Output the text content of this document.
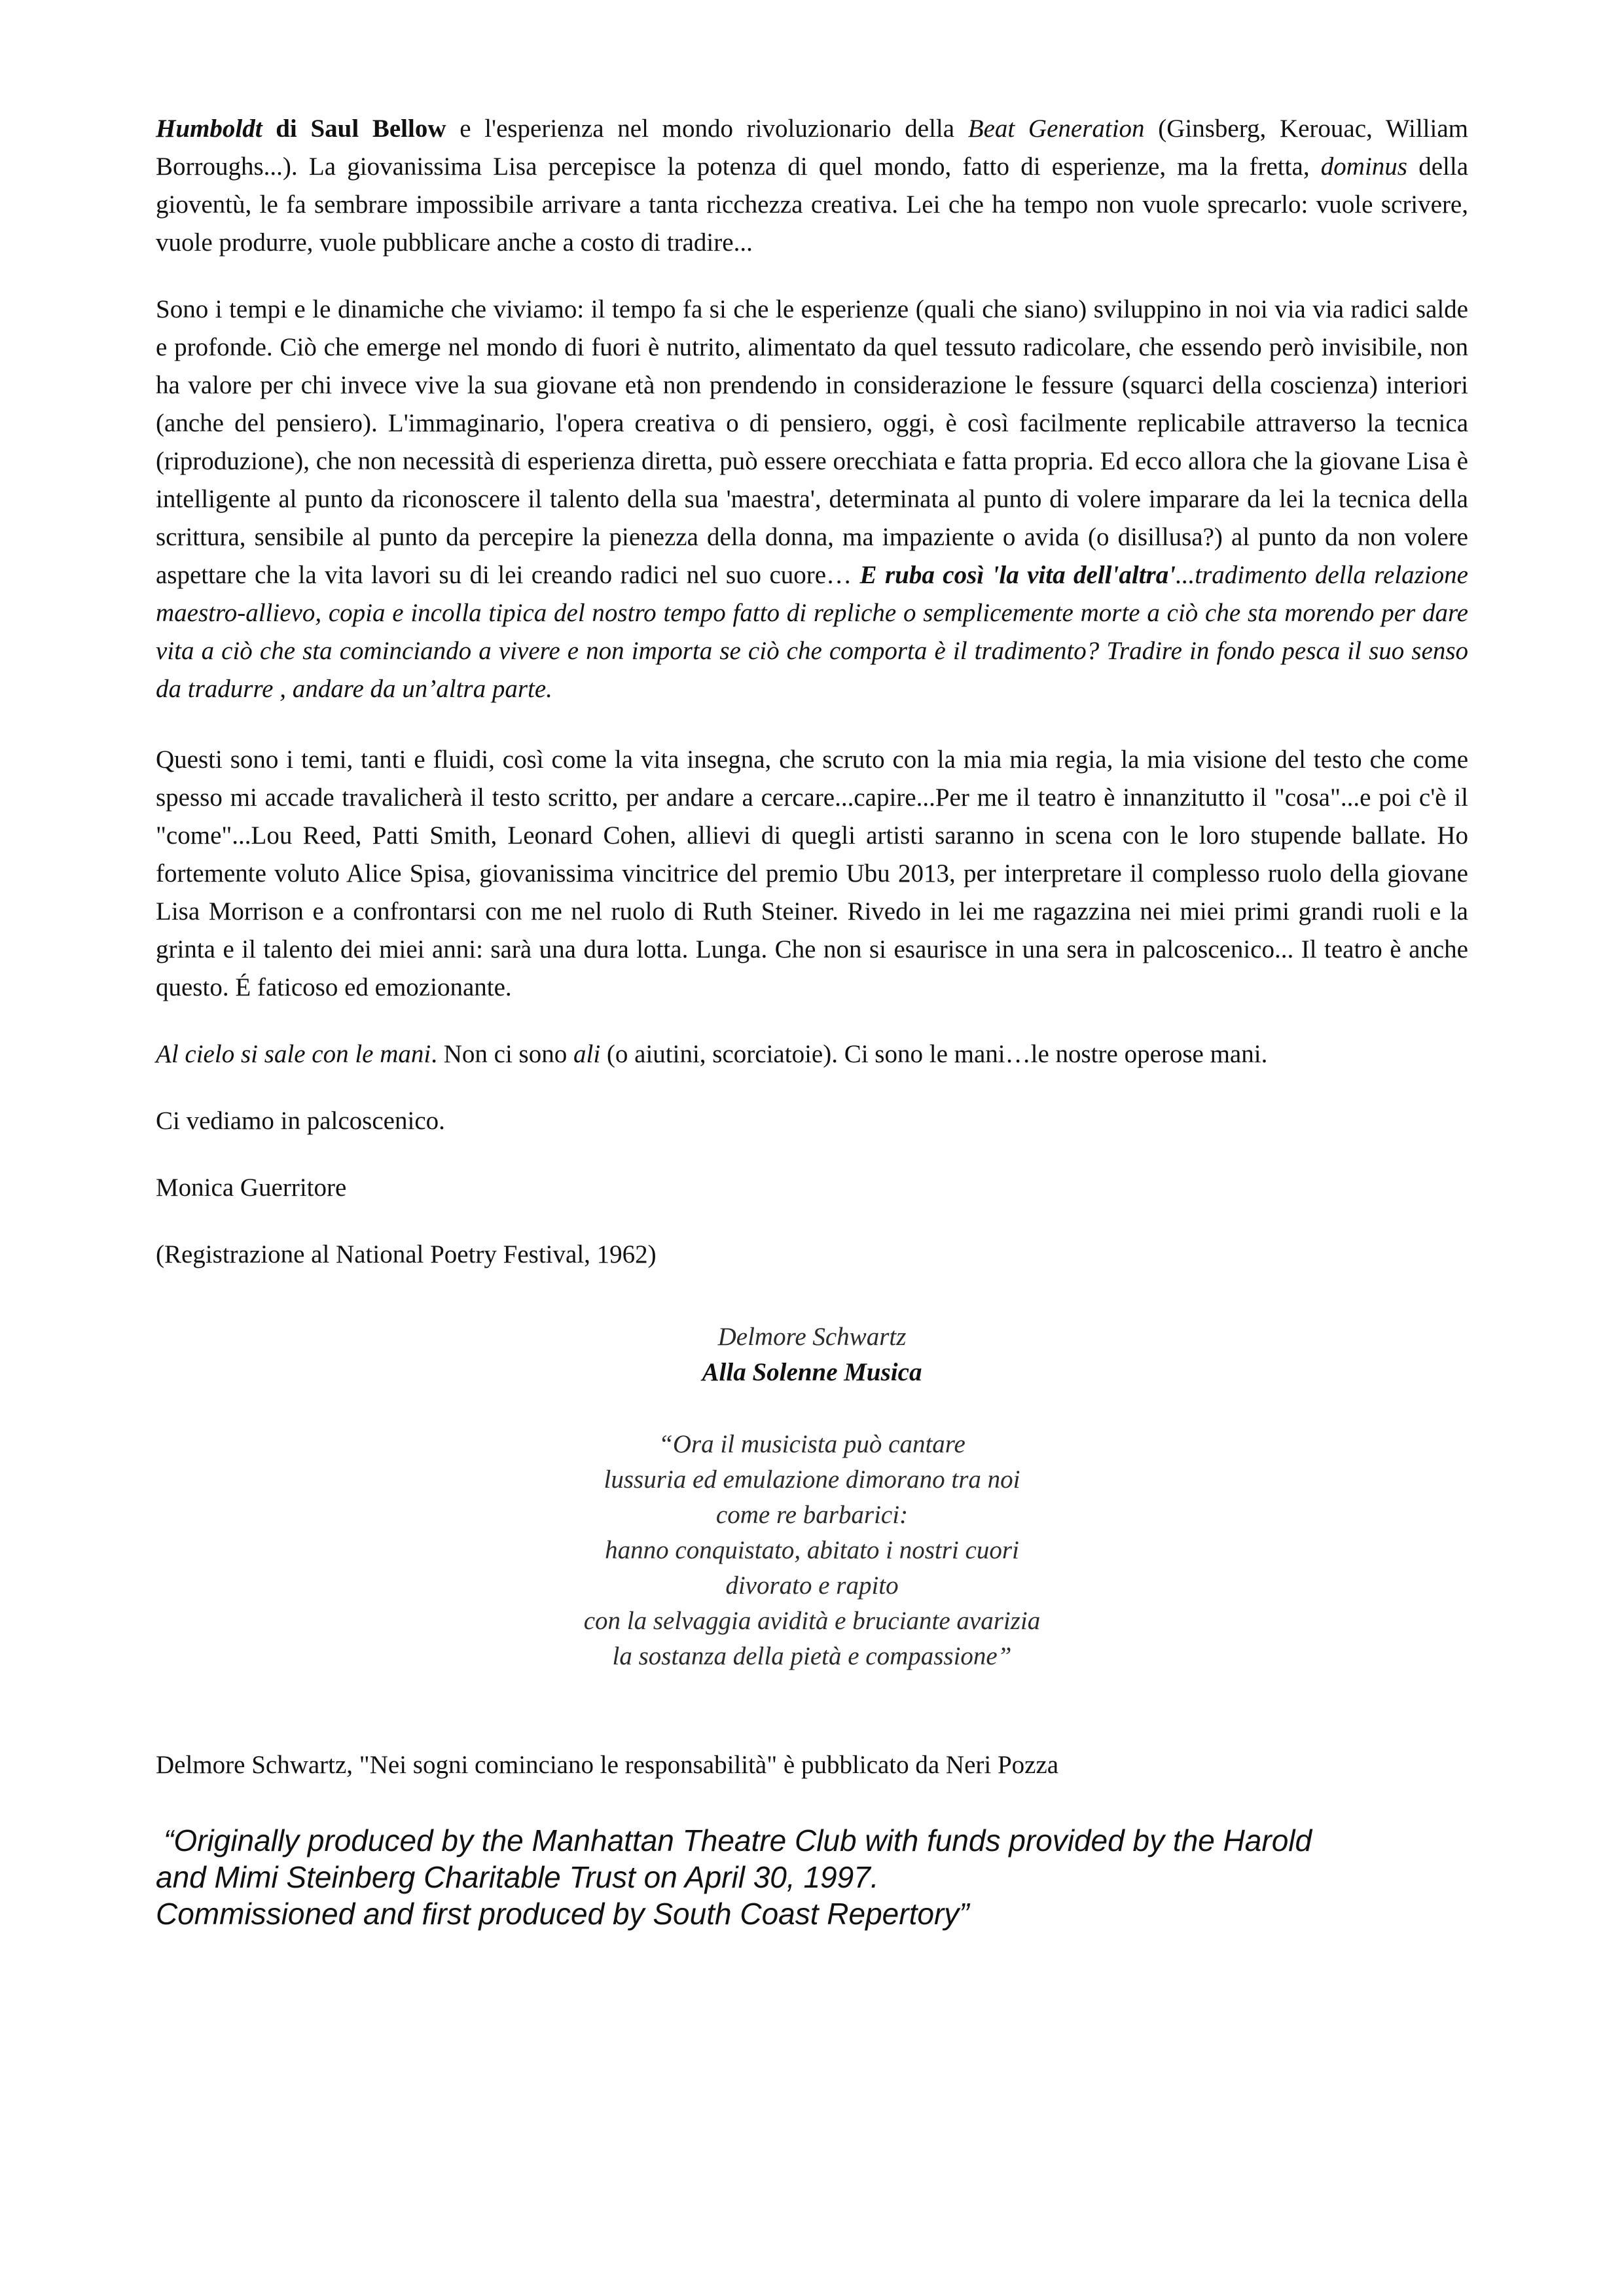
Humboldt di Saul Bellow e l'esperienza nel mondo rivoluzionario della Beat Generation (Ginsberg, Kerouac, William Borroughs...). La giovanissima Lisa percepisce la potenza di quel mondo, fatto di esperienze, ma la fretta, dominus della gioventù, le fa sembrare impossibile arrivare a tanta ricchezza creativa. Lei che ha tempo non vuole sprecarlo: vuole scrivere, vuole produrre, vuole pubblicare anche a costo di tradire...

Sono i tempi e le dinamiche che viviamo: il tempo fa si che le esperienze (quali che siano) sviluppino in noi via via radici salde e profonde. Ciò che emerge nel mondo di fuori è nutrito, alimentato da quel tessuto radicolare, che essendo però invisibile, non ha valore per chi invece vive la sua giovane età non prendendo in considerazione le fessure (squarci della coscienza) interiori (anche del pensiero). L'immaginario, l'opera creativa o di pensiero, oggi, è così facilmente replicabile attraverso la tecnica (riproduzione), che non necessità di esperienza diretta, può essere orecchiata e fatta propria. Ed ecco allora che la giovane Lisa è intelligente al punto da riconoscere il talento della sua 'maestra', determinata al punto di volere imparare da lei la tecnica della scrittura, sensibile al punto da percepire la pienezza della donna, ma impaziente o avida (o disillusa?) al punto da non volere aspettare che la vita lavori su di lei creando radici nel suo cuore… E ruba così 'la vita dell'altra'...tradimento della relazione maestro-allievo, copia e incolla tipica del nostro tempo fatto di repliche o semplicemente morte a ciò che sta morendo per dare vita a ciò che sta cominciando a vivere e non importa se ciò che comporta è il tradimento? Tradire in fondo pesca il suo senso da tradurre , andare da un’altra parte.

Questi sono i temi, tanti e fluidi, così come la vita insegna, che scruto con la mia mia regia, la mia visione del testo che come spesso mi accade travalicherà il testo scritto, per andare a cercare...capire...Per me il teatro è innanzitutto il "cosa"...e poi c'è il "come"...Lou Reed, Patti Smith, Leonard Cohen, allievi di quegli artisti saranno in scena con le loro stupende ballate. Ho fortemente voluto Alice Spisa, giovanissima vincitrice del premio Ubu 2013, per interpretare il complesso ruolo della giovane Lisa Morrison e a confrontarsi con me nel ruolo di Ruth Steiner. Rivedo in lei me ragazzina nei miei primi grandi ruoli e la grinta e il talento dei miei anni: sarà una dura lotta. Lunga. Che non si esaurisce in una sera in palcoscenico... Il teatro è anche questo. É faticoso ed emozionante.

Al cielo si sale con le mani. Non ci sono ali (o aiutini, scorciatoie). Ci sono le mani…le nostre operose mani.

Ci vediamo in palcoscenico.

Monica Guerritore

(Registrazione al National Poetry Festival, 1962)

Delmore Schwartz
Alla Solenne Musica
“Ora il musicista può cantare
lussuria ed emulazione dimorano tra noi
come re barbarici:
hanno conquistato, abitato i nostri cuori
divorato e rapito
con la selvaggia avidità e bruciante avarizia
la sostanza della pietà e compassione”

Delmore Schwartz, "Nei sogni cominciano le responsabilità" è pubblicato da Neri Pozza

“Originally produced by the Manhattan Theatre Club with funds provided by the Harold
and Mimi Steinberg Charitable Trust on April 30, 1997.
Commissioned and first produced by South Coast Repertory”
